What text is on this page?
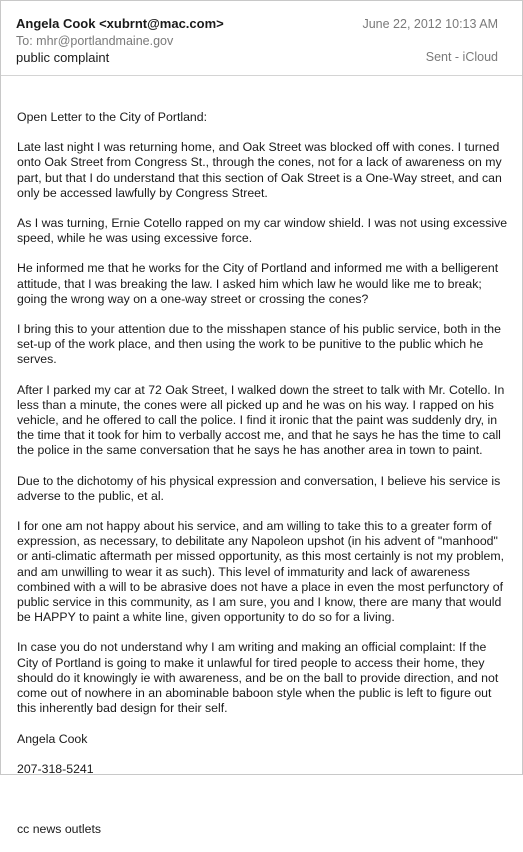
Angela Cook <xubrnt@mac.com>	June 22, 2012 10:13 AM
To: mhr@portlandmaine.gov
public complaint	Sent - iCloud

Open Letter to the City of Portland:

Late last night I was returning home, and Oak Street was blocked off with cones. I turned onto Oak Street from Congress St., through the cones, not for a lack of awareness on my part, but that I do understand that this section of Oak Street is a One-Way street, and can only be accessed lawfully by Congress Street.

As I was turning, Ernie Cotello rapped on my car window shield. I was not using excessive speed, while he was using excessive force.

He informed me that he works for the City of Portland and informed me with a belligerent attitude, that I was breaking the law. I asked him which law he would like me to break; going the wrong way on a one-way street or crossing the cones?

I bring this to your attention due to the misshapen stance of his public service, both in the set-up of the work place, and then using the work to be punitive to the public which he serves.

After I parked my car at 72 Oak Street, I walked down the street to talk with Mr. Cotello. In less than a minute, the cones were all picked up and he was on his way. I rapped on his vehicle, and he offered to call the police. I find it ironic that the paint was suddenly dry, in the time that it took for him to verbally accost me, and that he says he has the time to call the police in the same conversation that he says he has another area in town to paint.

Due to the dichotomy of his physical expression and conversation, I believe his service is adverse to the public, et al.

I for one am not happy about his service, and am willing to take this to a greater form of expression, as necessary, to debilitate any Napoleon upshot (in his advent of "manhood" or anti-climatic aftermath per missed opportunity, as this most certainly is not my problem, and am unwilling to wear it as such). This level of immaturity and lack of awareness combined with a will to be abrasive does not have a place in even the most perfunctory of public service in this community, as I am sure, you and I know, there are many that would be HAPPY to paint a white line, given opportunity to do so for a living.

In case you do not understand why I am writing and making an official complaint: If the City of Portland is going to make it unlawful for tired people to access their home, they should do it knowingly ie with awareness, and be on the ball to provide direction, and not come out of nowhere in an abominable baboon style when the public is left to figure out this inherently bad design for their self.

Angela Cook

207-318-5241

cc news outlets
